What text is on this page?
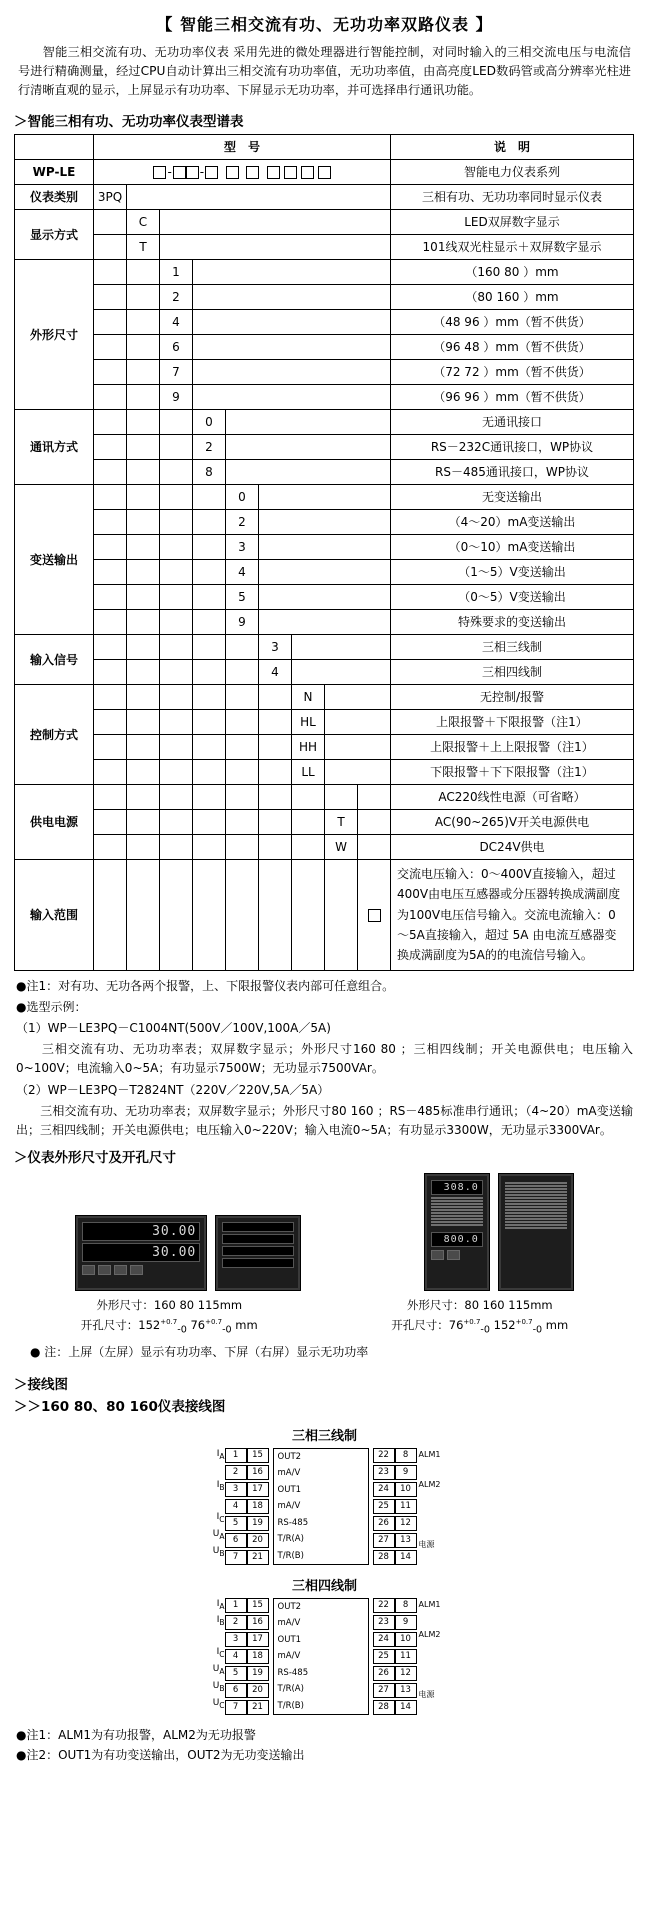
【 智能三相交流有功、无功功率双路仪表 】
智能三相交流有功、无功功率仪表 采用先进的微处理器进行智能控制，对同时输入的三相交流电压与电流信号进行精确测量，经过CPU自动计算出三相交流有功功率值，无功功率值，由高亮度LED数码管或高分辨率光柱进行清晰直观的显示，上屏显示有功功率、下屏显示无功功率，并可选择串行通讯功能。
＞智能三相有功、无功功率仪表型谱表
	型　号									说　明
WP-LE	- -									智能电力仪表系列
仪表类别	3PQ									三相有功、无功功率同时显示仪表
显示方式		C								LED双屏数字显示
		T								101线双光柱显示＋双屏数字显示
外形尺寸			1							（160 80 ）mm
			2							（80 160 ）mm
			4							（48 96 ）mm（暂不供货）
			6							（96 48 ）mm（暂不供货）
			7							（72 72 ）mm（暂不供货）
			9							（96 96 ）mm（暂不供货）
通讯方式				0						无通讯接口
				2						RS－232C通讯接口，WP协议
				8						RS－485通讯接口，WP协议
变送输出					0					无变送输出
					2					（4～20）mA变送输出
					3					（0～10）mA变送输出
					4					（1～5）V变送输出
					5					（0～5）V变送输出
					9					特殊要求的变送输出
输入信号						3				三相三线制
						4				三相四线制
控制方式							N			无控制/报警
							HL			上限报警＋下限报警（注1）
							HH			上限报警＋上上限报警（注1）
							LL			下限报警＋下下限报警（注1）
供电电源										AC220线性电源（可省略）
								T		AC(90~265)V开关电源供电
								W		DC24V供电
输入范围										交流电压输入：0～400V直接输入，超过400V由电压互感器或分压器转换成满副度为100V电压信号输入。交流电流输入：0～5A直接输入，超过 5A 由电流互感器变换成满副度为5A的的电流信号输入。

●注1：对有功、无功各两个报警，上、下限报警仪表内部可任意组合。

●选型示例：

（1）WP－LE3PQ－C1004NT(500V／100V,100A／5A)

　　三相交流有功、无功功率表；双屏数字显示；外形尺寸160 80 ；三相四线制；开关电源供电；电压输入0~100V；电流输入0~5A；有功显示7500W；无功显示7500VAr。

（2）WP－LE3PQ－T2824NT（220V／220V,5A／5A）

　　三相交流有功、无功功率表；双屏数字显示；外形尺寸80 160 ；RS－485标准串行通讯；（4~20）mA变送输出；三相四线制；开关电源供电；电压输入0~220V；输入电流0~5A；有功显示3300W，无功显示3300VAr。

＞仪表外形尺寸及开孔尺寸
30.00
30.00

308.0
800.0
外形尺寸：160 80 115mm
开孔尺寸：$152^{+0.7}_{-0}$ $76^{+0.7}_{-0}$ mm
外形尺寸：80 160 115mm
开孔尺寸：$76^{+0.7}_{-0}$ $152^{+0.7}_{-0}$ mm
● 注：上屏（左屏）显示有功功率、下屏（右屏）显示无功功率
＞接线图
＞＞160 80、80 160仪表接线图
三相三线制
$I_A$

$I_B$

$I_C$
$U_A$
$U_B$
1
2
3
4
5
6
7
15
16
17
18
19
20
21
OUT2
mA/V
OUT1
mA/V
RS-485
T/R(A)
T/R(B)
22
23
24
25
26
27
28
8
9
10
11
12
13
14
ALM1

ALM2

电源
三相四线制
$I_A$
$I_B$

$I_C$
$U_A$
$U_B$
$U_C$
1
2
3
4
5
6
7
15
16
17
18
19
20
21
OUT2
mA/V
OUT1
mA/V
RS-485
T/R(A)
T/R(B)
22
23
24
25
26
27
28
8
9
10
11
12
13
14
ALM1

ALM2

电源
●注1：ALM1为有功报警，ALM2为无功报警
●注2：OUT1为有功变送输出，OUT2为无功变送输出
